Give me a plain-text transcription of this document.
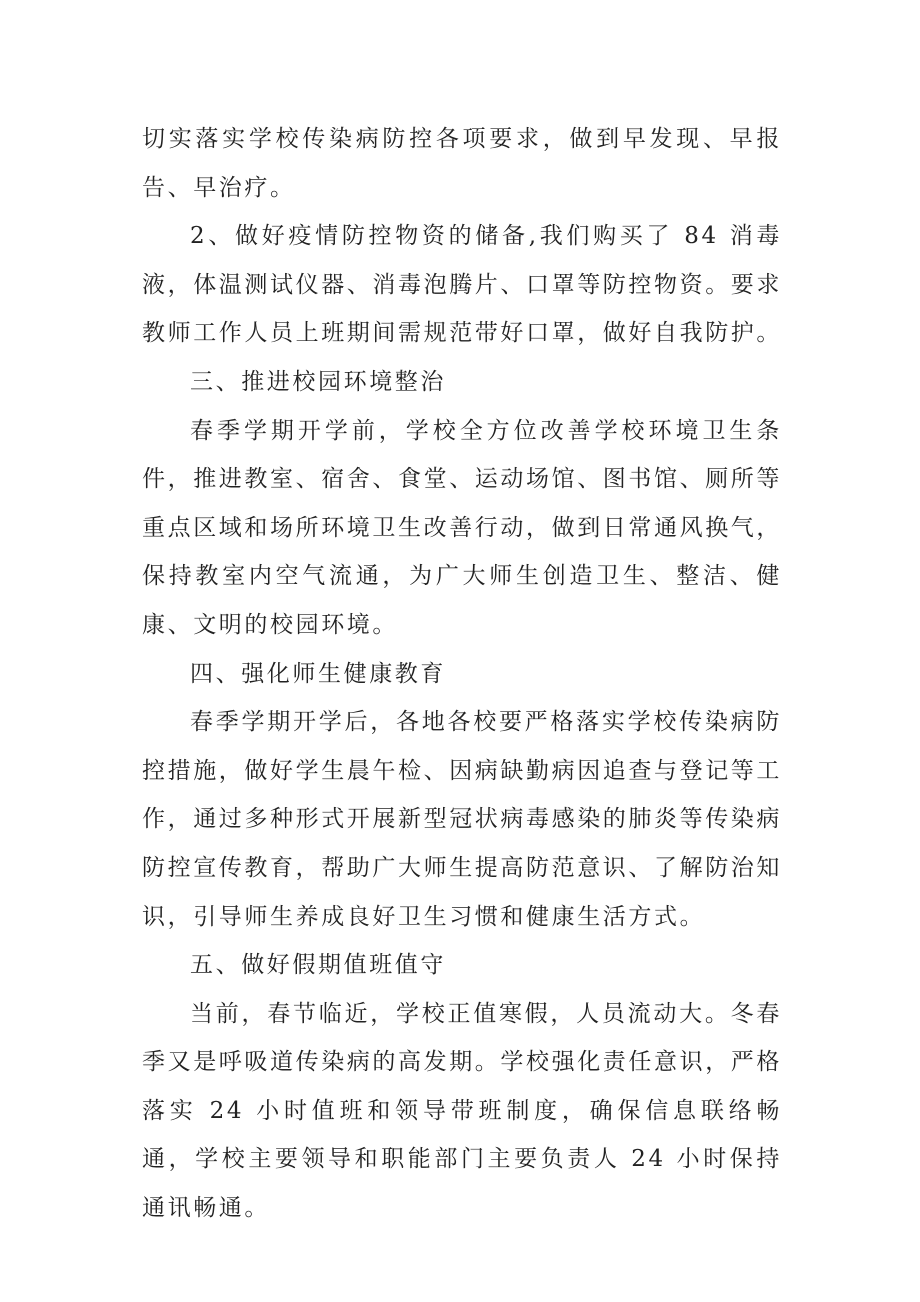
切实落实学校传染病防控各项要求，做到早发现、早报告、早治疗。

2、做好疫情防控物资的储备,我们购买了 84 消毒液，体温测试仪器、消毒泡腾片、口罩等防控物资。要求教师工作人员上班期间需规范带好口罩，做好自我防护。

三、推进校园环境整治

春季学期开学前，学校全方位改善学校环境卫生条件，推进教室、宿舍、食堂、运动场馆、图书馆、厕所等重点区域和场所环境卫生改善行动，做到日常通风换气，保持教室内空气流通，为广大师生创造卫生、整洁、健康、文明的校园环境。

四、强化师生健康教育

春季学期开学后，各地各校要严格落实学校传染病防控措施，做好学生晨午检、因病缺勤病因追查与登记等工作，通过多种形式开展新型冠状病毒感染的肺炎等传染病防控宣传教育，帮助广大师生提高防范意识、了解防治知识，引导师生养成良好卫生习惯和健康生活方式。

五、做好假期值班值守

当前，春节临近，学校正值寒假，人员流动大。冬春季又是呼吸道传染病的高发期。学校强化责任意识，严格落实 24 小时值班和领导带班制度，确保信息联络畅通，学校主要领导和职能部门主要负责人 24 小时保持通讯畅通。
